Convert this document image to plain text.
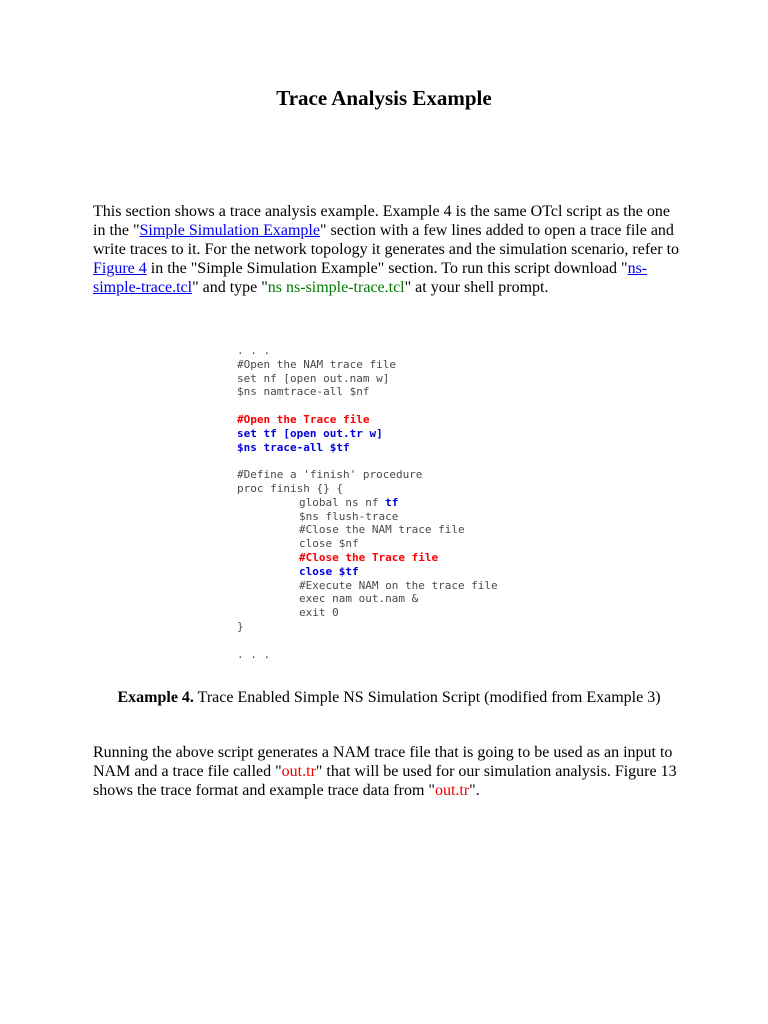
Trace Analysis Example

This section shows a trace analysis example. Example 4 is the same OTcl script as the one in the "Simple Simulation Example" section with a few lines added to open a trace file and write traces to it. For the network topology it generates and the simulation scenario, refer to Figure 4 in the "Simple Simulation Example" section. To run this script download "ns-simple-trace.tcl" and type "ns ns-simple-trace.tcl" at your shell prompt.

. . .
#Open the NAM trace file
set nf [open out.nam w]
$ns namtrace-all $nf
#Open the Trace file
set tf [open out.tr w]
$ns trace-all $tf
#Define a 'finish' procedure
proc finish {} {
global ns nf tf
$ns flush-trace
#Close the NAM trace file
close $nf
#Close the Trace file
close $tf
#Execute NAM on the trace file
exec nam out.nam &
exit 0
}
. . .

Example 4. Trace Enabled Simple NS Simulation Script (modified from Example 3)

Running the above script generates a NAM trace file that is going to be used as an input to NAM and a trace file called "out.tr" that will be used for our simulation analysis. Figure 13 shows the trace format and example trace data from "out.tr".
